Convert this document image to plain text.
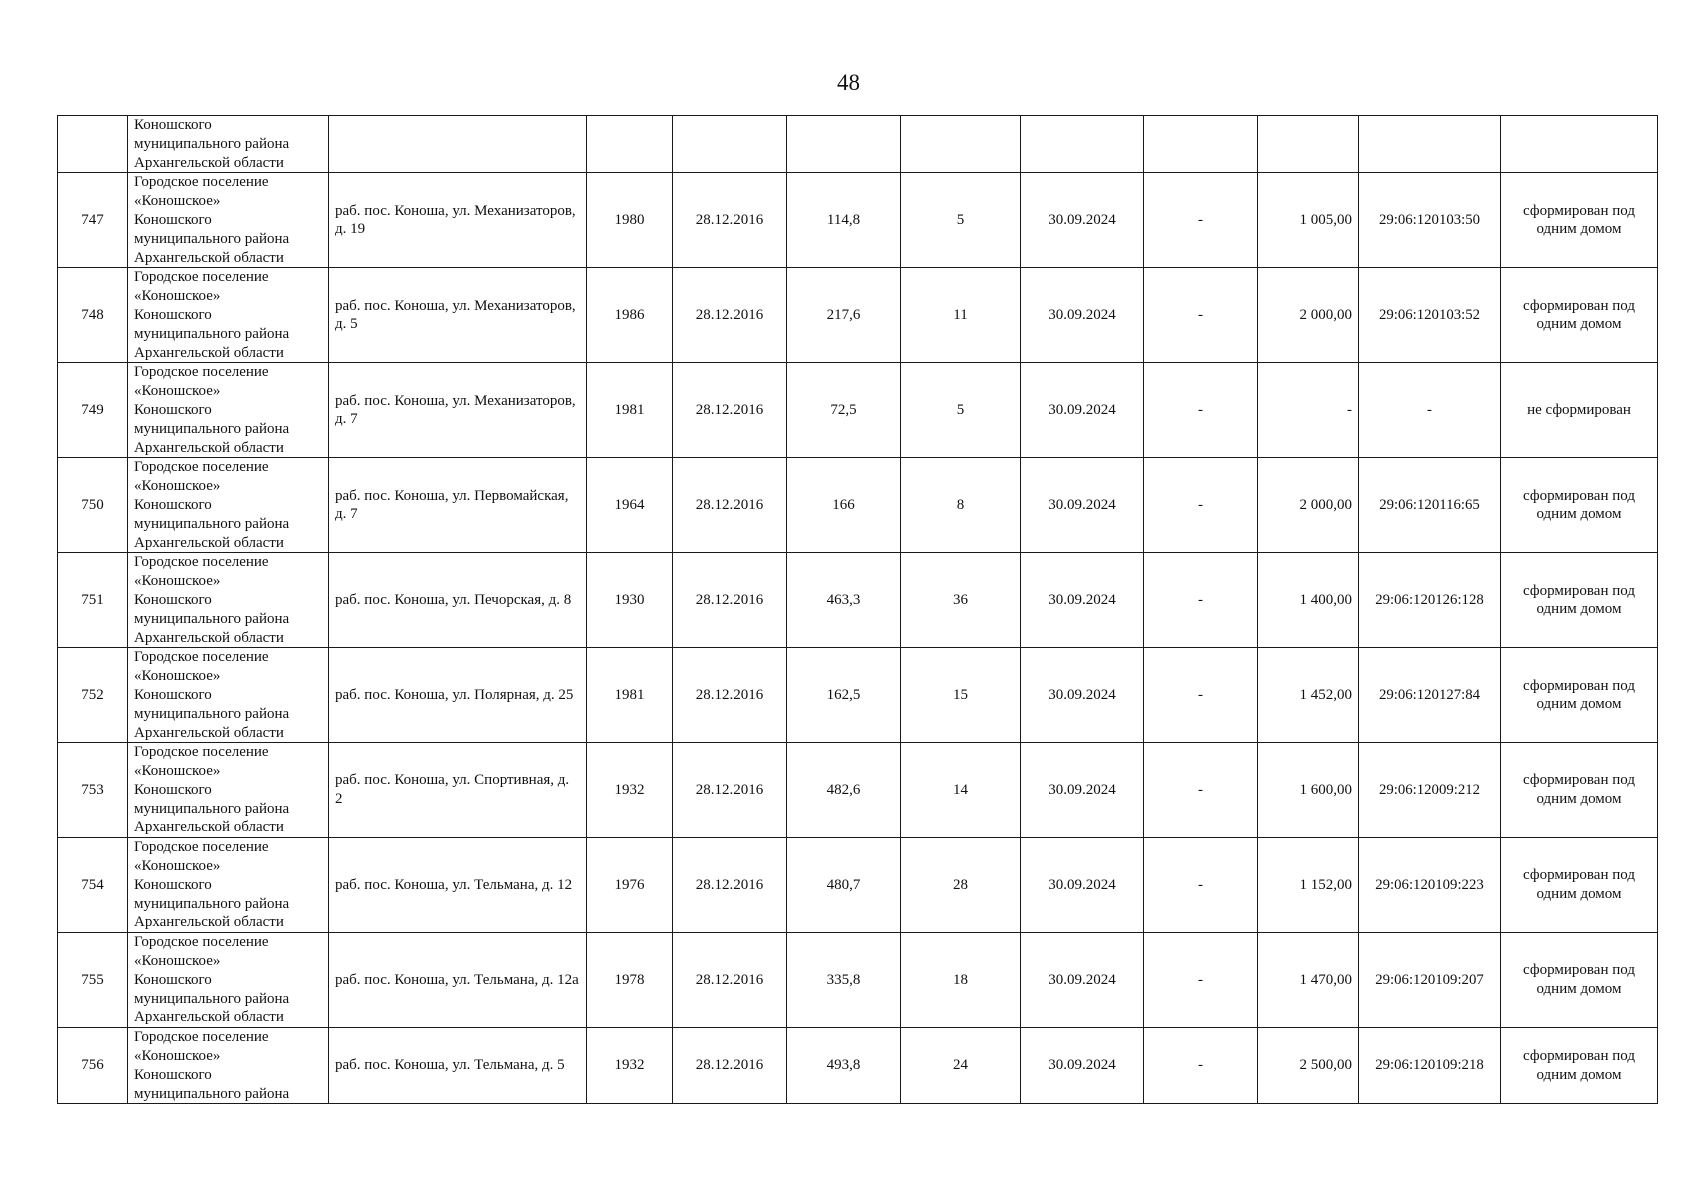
48

	Коношского
муниципального района
Архангельской области										

747	Городское поселение
«Коношское»
Коношского
муниципального района
Архангельской области	раб. пос. Коноша, ул. Механизаторов, д. 19	1980	28.12.2016	114,8	5	30.09.2024	-	1 005,00	29:06:120103:50	сформирован под одним домом
748	Городское поселение
«Коношское»
Коношского
муниципального района
Архангельской области	раб. пос. Коноша, ул. Механизаторов, д. 5	1986	28.12.2016	217,6	11	30.09.2024	-	2 000,00	29:06:120103:52	сформирован под одним домом
749	Городское поселение
«Коношское»
Коношского
муниципального района
Архангельской области	раб. пос. Коноша, ул. Механизаторов, д. 7	1981	28.12.2016	72,5	5	30.09.2024	-	-	-	не сформирован
750	Городское поселение
«Коношское»
Коношского
муниципального района
Архангельской области	раб. пос. Коноша, ул. Первомайская, д. 7	1964	28.12.2016	166	8	30.09.2024	-	2 000,00	29:06:120116:65	сформирован под одним домом
751	Городское поселение
«Коношское»
Коношского
муниципального района
Архангельской области	раб. пос. Коноша, ул. Печорская, д. 8	1930	28.12.2016	463,3	36	30.09.2024	-	1 400,00	29:06:120126:128	сформирован под одним домом
752	Городское поселение
«Коношское»
Коношского
муниципального района
Архангельской области	раб. пос. Коноша, ул. Полярная, д. 25	1981	28.12.2016	162,5	15	30.09.2024	-	1 452,00	29:06:120127:84	сформирован под одним домом
753	Городское поселение
«Коношское»
Коношского
муниципального района
Архангельской области	раб. пос. Коноша, ул. Спортивная, д. 2	1932	28.12.2016	482,6	14	30.09.2024	-	1 600,00	29:06:12009:212	сформирован под одним домом
754	Городское поселение
«Коношское»
Коношского
муниципального района
Архангельской области	раб. пос. Коноша, ул. Тельмана, д. 12	1976	28.12.2016	480,7	28	30.09.2024	-	1 152,00	29:06:120109:223	сформирован под одним домом
755	Городское поселение
«Коношское»
Коношского
муниципального района
Архангельской области	раб. пос. Коноша, ул. Тельмана, д. 12а	1978	28.12.2016	335,8	18	30.09.2024	-	1 470,00	29:06:120109:207	сформирован под одним домом
756	Городское поселение
«Коношское»
Коношского
муниципального района	раб. пос. Коноша, ул. Тельмана, д. 5	1932	28.12.2016	493,8	24	30.09.2024	-	2 500,00	29:06:120109:218	сформирован под одним домом
